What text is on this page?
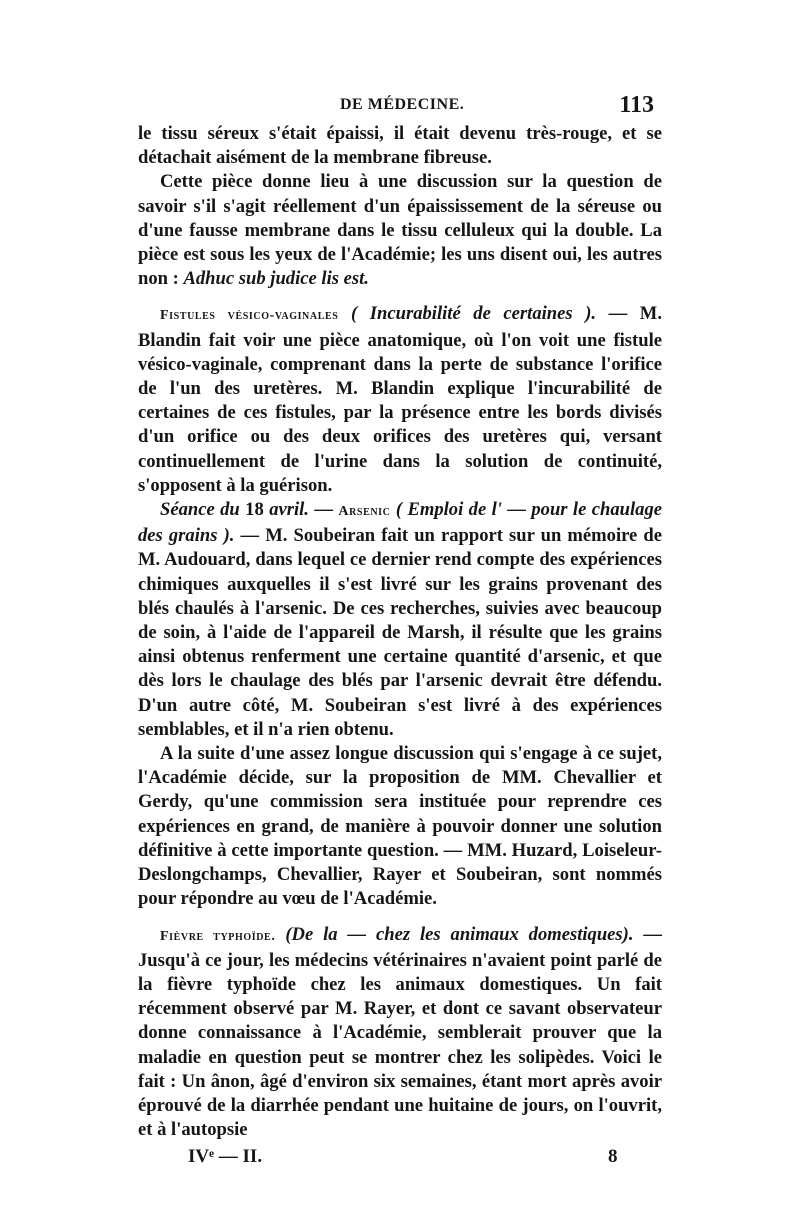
DE MÉDECINE.	113

le tissu séreux s'était épaissi, il était devenu très-rouge, et se détachait aisément de la membrane fibreuse.

Cette pièce donne lieu à une discussion sur la question de savoir s'il s'agit réellement d'un épaississement de la séreuse ou d'une fausse membrane dans le tissu celluleux qui la double. La pièce est sous les yeux de l'Académie; les uns disent oui, les autres non : Adhuc sub judice lis est.

Fistules vésico-vaginales ( Incurabilité de certaines ). — M. Blandin fait voir une pièce anatomique, où l'on voit une fistule vésico-vaginale, comprenant dans la perte de substance l'orifice de l'un des uretères. M. Blandin explique l'incurabilité de certaines de ces fistules, par la présence entre les bords divisés d'un orifice ou des deux orifices des uretères qui, versant continuellement de l'urine dans la solution de continuité, s'opposent à la guérison.

Séance du 18 avril. — Arsenic ( Emploi de l' — pour le chaulage des grains ). — M. Soubeiran fait un rapport sur un mémoire de M. Audouard, dans lequel ce dernier rend compte des expériences chimiques auxquelles il s'est livré sur les grains provenant des blés chaulés à l'arsenic. De ces recherches, suivies avec beaucoup de soin, à l'aide de l'appareil de Marsh, il résulte que les grains ainsi obtenus renferment une certaine quantité d'arsenic, et que dès lors le chaulage des blés par l'arsenic devrait être défendu. D'un autre côté, M. Soubeiran s'est livré à des expériences semblables, et il n'a rien obtenu.

A la suite d'une assez longue discussion qui s'engage à ce sujet, l'Académie décide, sur la proposition de MM. Chevallier et Gerdy, qu'une commission sera instituée pour reprendre ces expériences en grand, de manière à pouvoir donner une solution définitive à cette importante question. — MM. Huzard, Loiseleur-Deslongchamps, Chevallier, Rayer et Soubeiran, sont nommés pour répondre au vœu de l'Académie.

Fièvre typhoïde. (De la — chez les animaux domestiques). — Jusqu'à ce jour, les médecins vétérinaires n'avaient point parlé de la fièvre typhoïde chez les animaux domestiques. Un fait récemment observé par M. Rayer, et dont ce savant observateur donne connaissance à l'Académie, semblerait prouver que la maladie en question peut se montrer chez les solipèdes. Voici le fait : Un ânon, âgé d'environ six semaines, étant mort après avoir éprouvé de la diarrhée pendant une huitaine de jours, on l'ouvrit, et à l'autopsie

IVᵉ — II.	8
